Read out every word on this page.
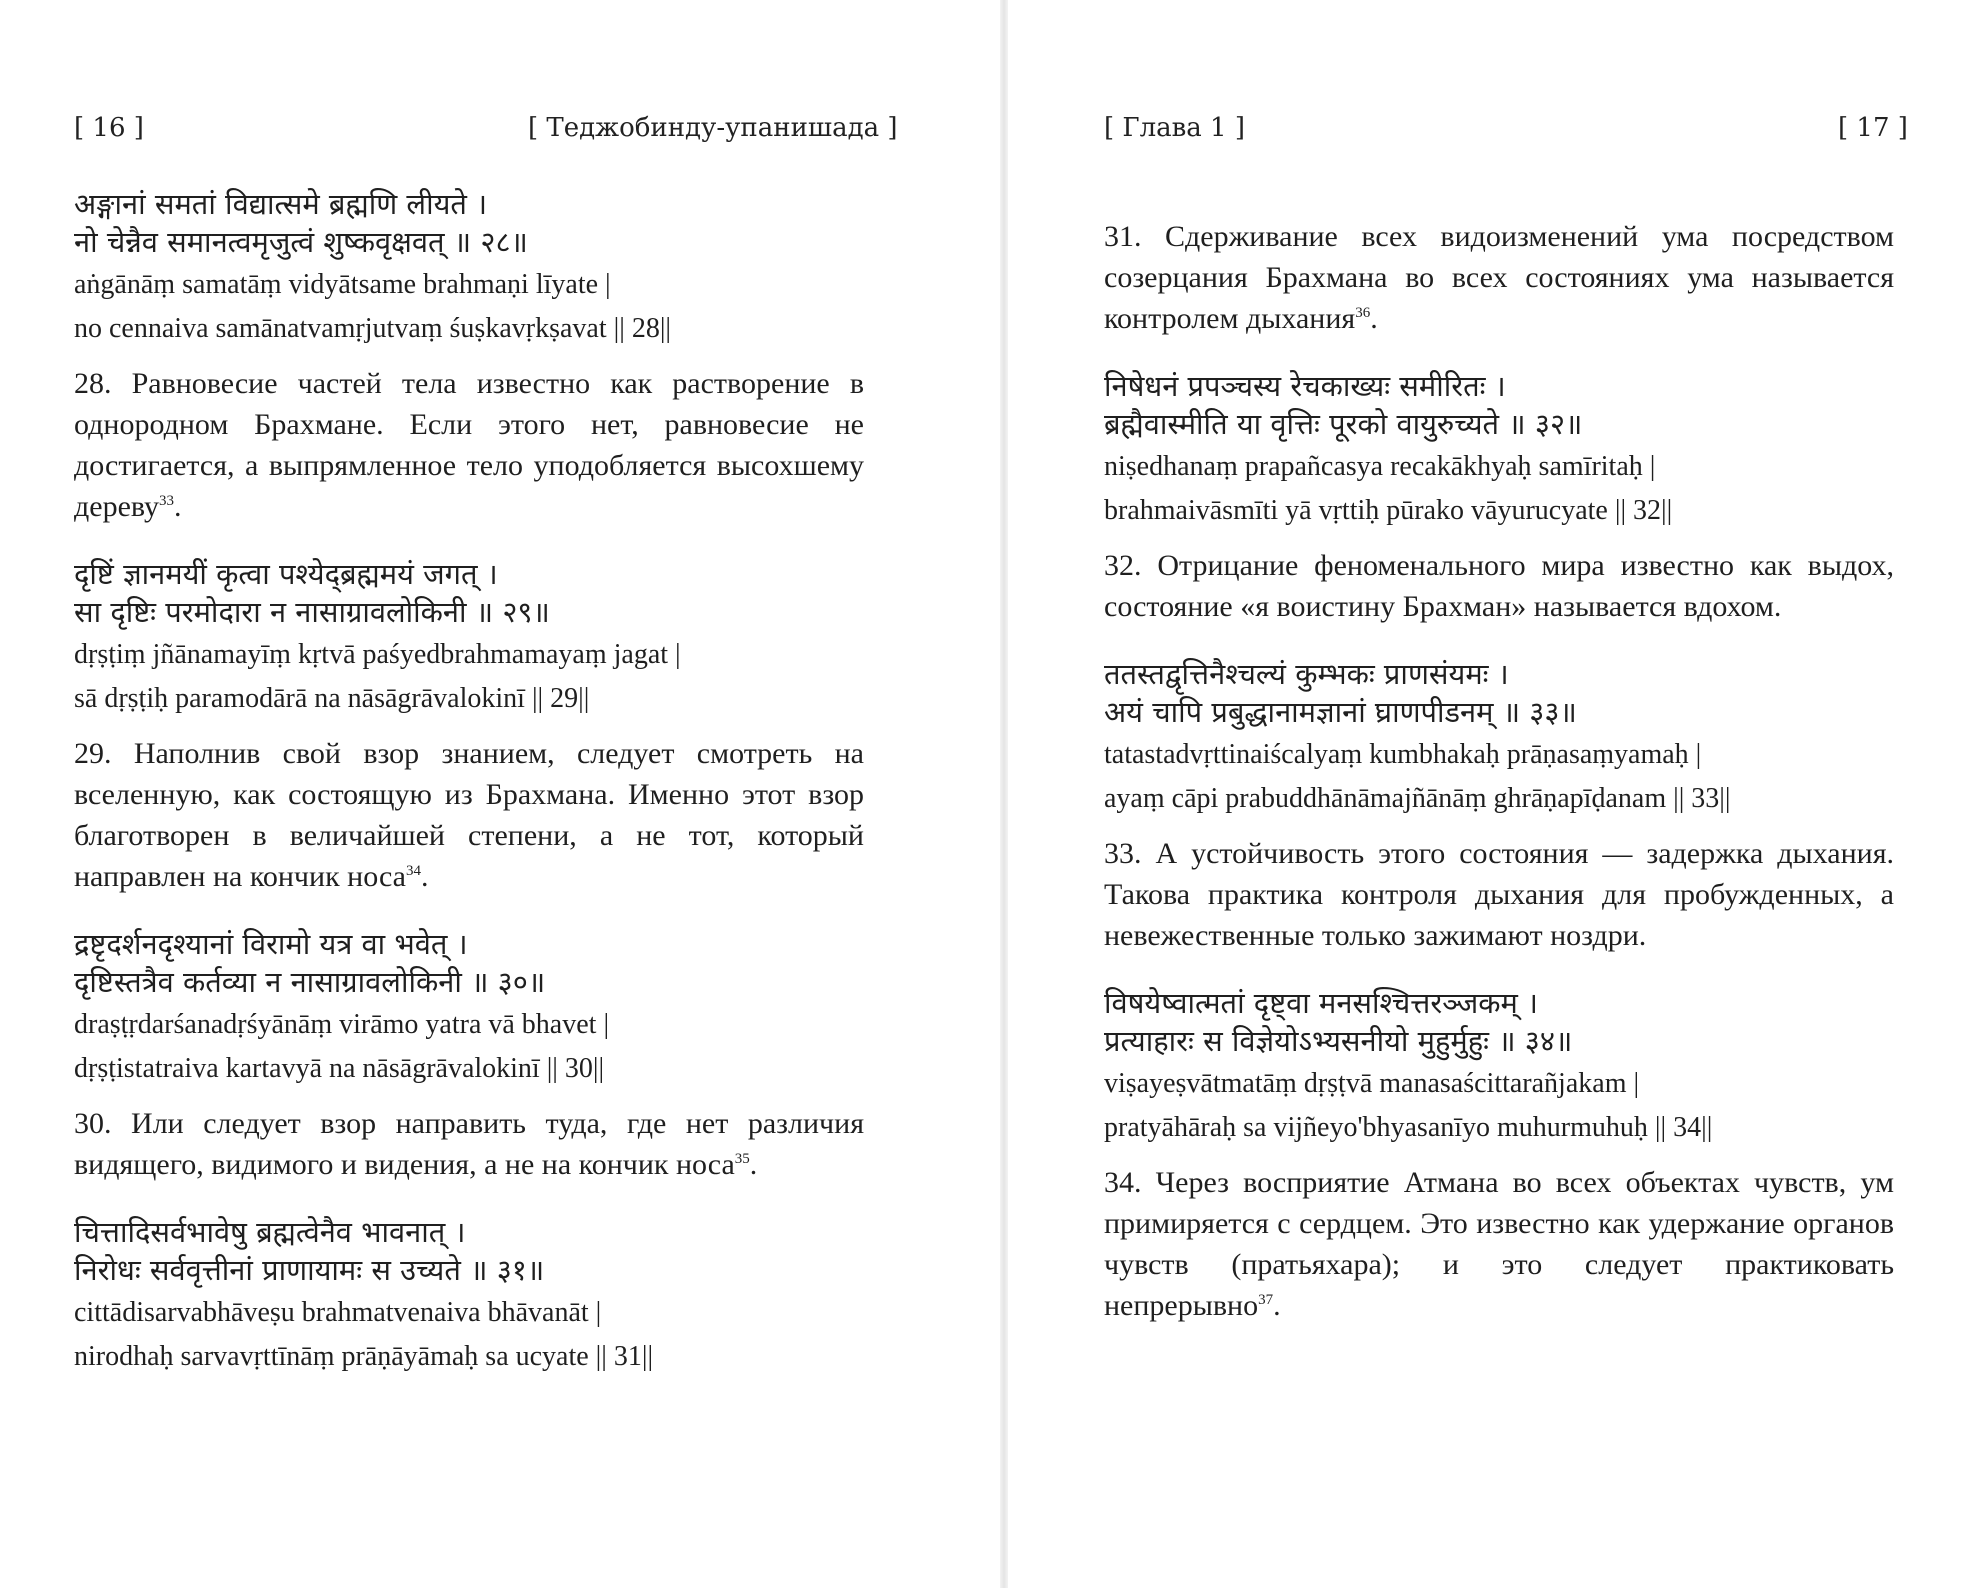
[ 16 ]	[ Теджобинду-упанишада ]
अङ्गानां समतां विद्यात्समे ब्रह्मणि लीयते ।
नो चेन्नैव समानत्वमृजुत्वं शुष्कवृक्षवत् ॥ २८॥
aṅgānāṃ samatāṃ vidyātsame brahmaṇi līyate |
no cennaiva samānatvamṛjutvaṃ śuṣkavṛkṣavat || 28||
28. Равновесие частей тела известно как растворение в однородном Брахмане. Если этого нет, равновесие не достигается, а выпрямленное тело уподобляется высохшему дереву$^{33}$.
दृष्टिं ज्ञानमयीं कृत्वा पश्येद्ब्रह्ममयं जगत् ।
सा दृष्टिः परमोदारा न नासाग्रावलोकिनी ॥ २९॥
dṛṣṭiṃ jñānamayīṃ kṛtvā paśyedbrahmamayaṃ jagat |
sā dṛṣṭiḥ paramodārā na nāsāgrāvalokinī || 29||
29. Наполнив свой взор знанием, следует смотреть на вселенную, как состоящую из Брахмана. Именно этот взор благотворен в величайшей степени, а не тот, который направлен на кончик носа$^{34}$.
द्रष्टृदर्शनदृश्यानां विरामो यत्र वा भवेत् ।
दृष्टिस्तत्रैव कर्तव्या न नासाग्रावलोकिनी ॥ ३०॥
draṣṭṛdarśanadṛśyānāṃ virāmo yatra vā bhavet |
dṛṣṭistatraiva kartavyā na nāsāgrāvalokinī || 30||
30. Или следует взор направить туда, где нет различия видящего, видимого и видения, а не на кончик носа$^{35}$.
चित्तादिसर्वभावेषु ब्रह्मत्वेनैव भावनात् ।
निरोधः सर्ववृत्तीनां प्राणायामः स उच्यते ॥ ३१॥
cittādisarvabhāveṣu brahmatvenaiva bhāvanāt |
nirodhaḥ sarvavṛttīnāṃ prāṇāyāmaḥ sa ucyate || 31||
[ Глава 1 ]	[ 17 ]
31. Сдерживание всех видоизменений ума посредством созерцания Брахмана во всех состояниях ума называется контролем дыхания$^{36}$.
निषेधनं प्रपञ्चस्य रेचकाख्यः समीरितः ।
ब्रह्मैवास्मीति या वृत्तिः पूरको वायुरुच्यते ॥ ३२॥
niṣedhanaṃ prapañcasya recakākhyaḥ samīritaḥ |
brahmaivāsmīti yā vṛttiḥ pūrako vāyurucyate || 32||
32. Отрицание феноменального мира известно как выдох, состояние «я воистину Брахман» называется вдохом.
ततस्तद्वृत्तिनैश्चल्यं कुम्भकः प्राणसंयमः ।
अयं चापि प्रबुद्धानामज्ञानां घ्राणपीडनम् ॥ ३३॥
tatastadvṛttinaiścalyaṃ kumbhakaḥ prāṇasaṃyamaḥ |
ayaṃ cāpi prabuddhānāmajñānāṃ ghrāṇapīḍanam || 33||
33. А устойчивость этого состояния — задержка дыхания. Такова практика контроля дыхания для пробужденных, а невежественные только зажимают ноздри.
विषयेष्वात्मतां दृष्ट्वा मनसश्चित्तरञ्जकम् ।
प्रत्याहारः स विज्ञेयोऽभ्यसनीयो मुहुर्मुहुः ॥ ३४॥
viṣayeṣvātmatāṃ dṛṣṭvā manasaścittarañjakam |
pratyāhāraḥ sa vijñeyo'bhyasanīyo muhurmuhuḥ || 34||
34. Через восприятие Атмана во всех объектах чувств, ум примиряется с сердцем. Это известно как удержание органов чувств (пратьяхара); и это следует практиковать непрерывно$^{37}$.
